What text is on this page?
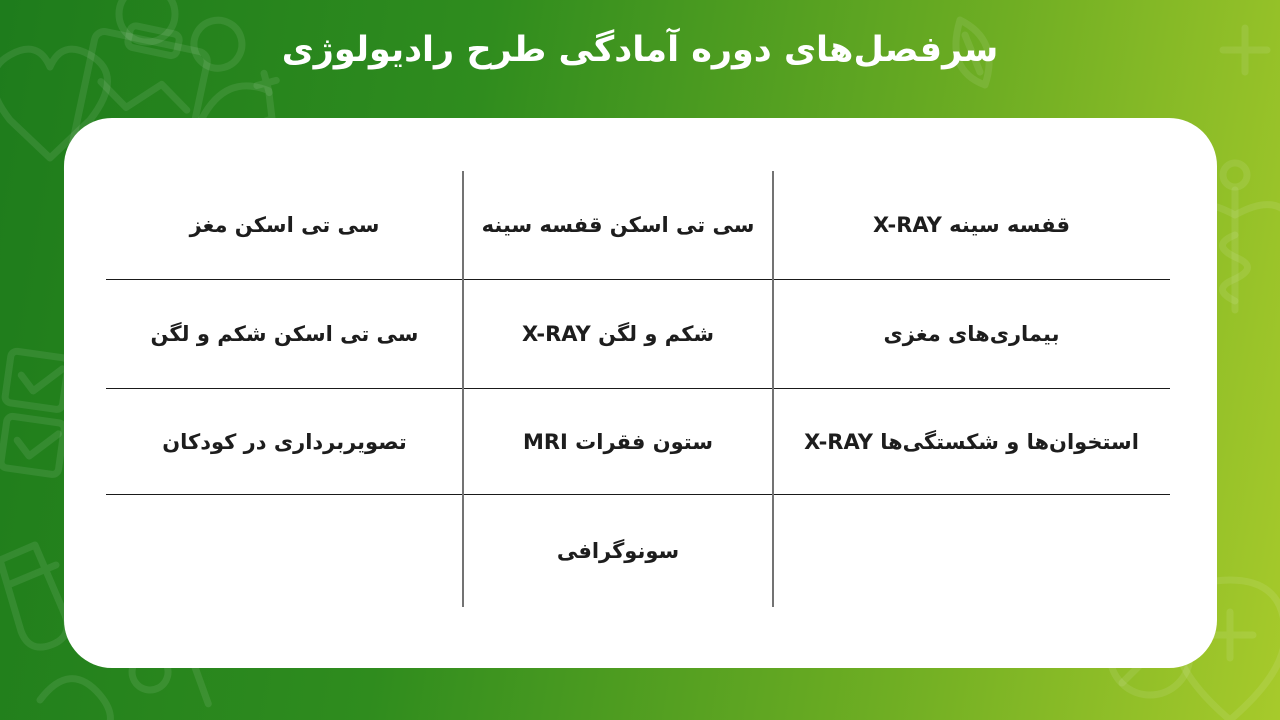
سرفصل‌های دوره آمادگی طرح رادیولوژی
X-RAY قفسه سینه
سی تی اسکن قفسه سینه
سی تی اسکن مغز
بیماری‌های مغزی
X-RAY شکم و لگن
سی تی اسکن شکم و لگن
X-RAY استخوان‌ها و شکستگی‌ها
MRI ستون فقرات
تصویربرداری در کودکان
سونوگرافی
